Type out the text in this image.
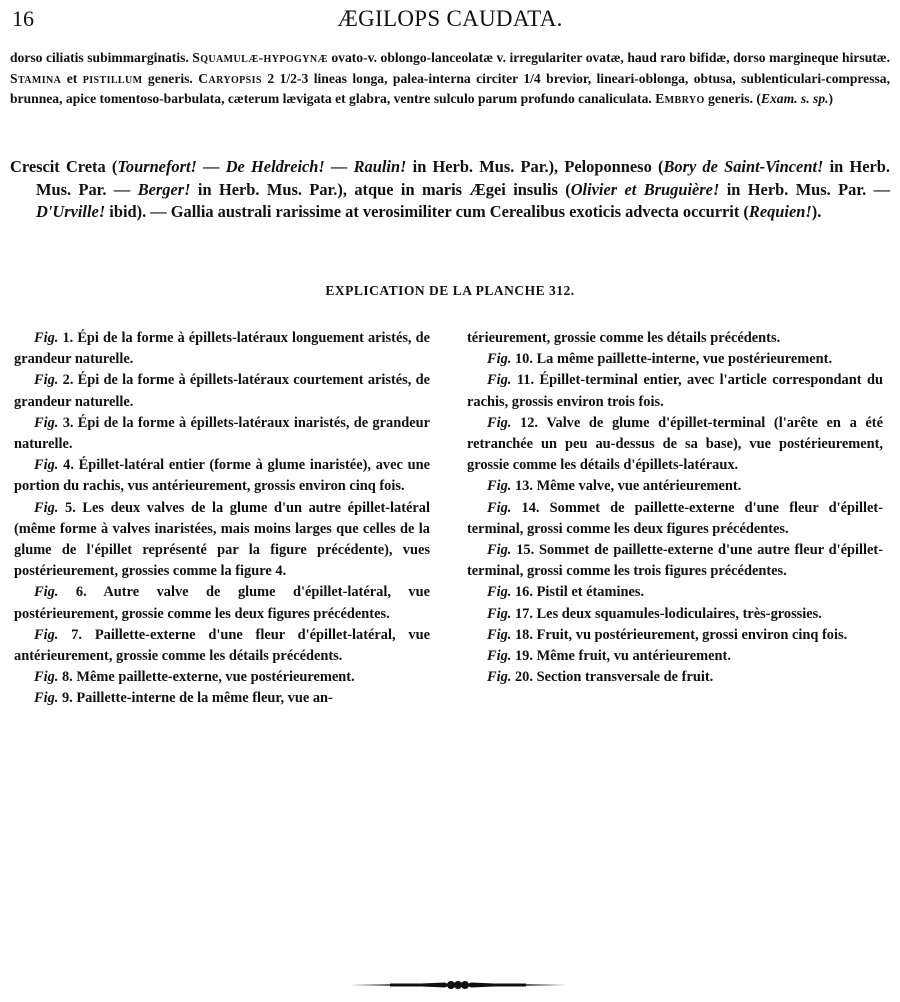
16	ÆGILOPS CAUDATA.
dorso ciliatis subimmarginatis. Squamulæ-hypogynæ ovato-v. oblongo-lanceolatæ v. irregulariter ovatæ, haud raro bifidæ, dorso margineque hirsutæ. Stamina et pistillum generis. Caryopsis 2 1/2-3 lineas longa, palea-interna circiter 1/4 brevior, lineari-oblonga, obtusa, sublenticulari-compressa, brunnea, apice tomentoso-barbulata, cæterum lævigata et glabra, ventre sulculo parum profundo canaliculata. Embryo generis. (Exam. s. sp.)

Crescit Creta (Tournefort! — De Heldreich! — Raulin! in Herb. Mus. Par.), Peloponneso (Bory de Saint-Vincent! in Herb. Mus. Par. — Berger! in Herb. Mus. Par.), atque in maris Ægei insulis (Olivier et Bruguière! in Herb. Mus. Par. — D'Urville! ibid). — Gallia australi rarissime at verosimiliter cum Cerealibus exoticis advecta occurrit (Requien!).

EXPLICATION DE LA PLANCHE 312.

Fig. 1. Épi de la forme à épillets-latéraux longuement aristés, de grandeur naturelle.

Fig. 2. Épi de la forme à épillets-latéraux courtement aristés, de grandeur naturelle.

Fig. 3. Épi de la forme à épillets-latéraux inaristés, de grandeur naturelle.

Fig. 4. Épillet-latéral entier (forme à glume inaristée), avec une portion du rachis, vus antérieurement, grossis environ cinq fois.

Fig. 5. Les deux valves de la glume d'un autre épillet-latéral (même forme à valves inaristées, mais moins larges que celles de la glume de l'épillet représenté par la figure précédente), vues postérieurement, grossies comme la figure 4.

Fig. 6. Autre valve de glume d'épillet-latéral, vue postérieurement, grossie comme les deux figures précédentes.

Fig. 7. Paillette-externe d'une fleur d'épillet-latéral, vue antérieurement, grossie comme les détails précédents.

Fig. 8. Même paillette-externe, vue postérieurement.

Fig. 9. Paillette-interne de la même fleur, vue an-

térieurement, grossie comme les détails précédents.

Fig. 10. La même paillette-interne, vue postérieurement.

Fig. 11. Épillet-terminal entier, avec l'article correspondant du rachis, grossis environ trois fois.

Fig. 12. Valve de glume d'épillet-terminal (l'arête en a été retranchée un peu au-dessus de sa base), vue postérieurement, grossie comme les détails d'épillets-latéraux.

Fig. 13. Même valve, vue antérieurement.

Fig. 14. Sommet de paillette-externe d'une fleur d'épillet-terminal, grossi comme les deux figures précédentes.

Fig. 15. Sommet de paillette-externe d'une autre fleur d'épillet-terminal, grossi comme les trois figures précédentes.

Fig. 16. Pistil et étamines.

Fig. 17. Les deux squamules-lodiculaires, très-grossies.

Fig. 18. Fruit, vu postérieurement, grossi environ cinq fois.

Fig. 19. Même fruit, vu antérieurement.

Fig. 20. Section transversale de fruit.
